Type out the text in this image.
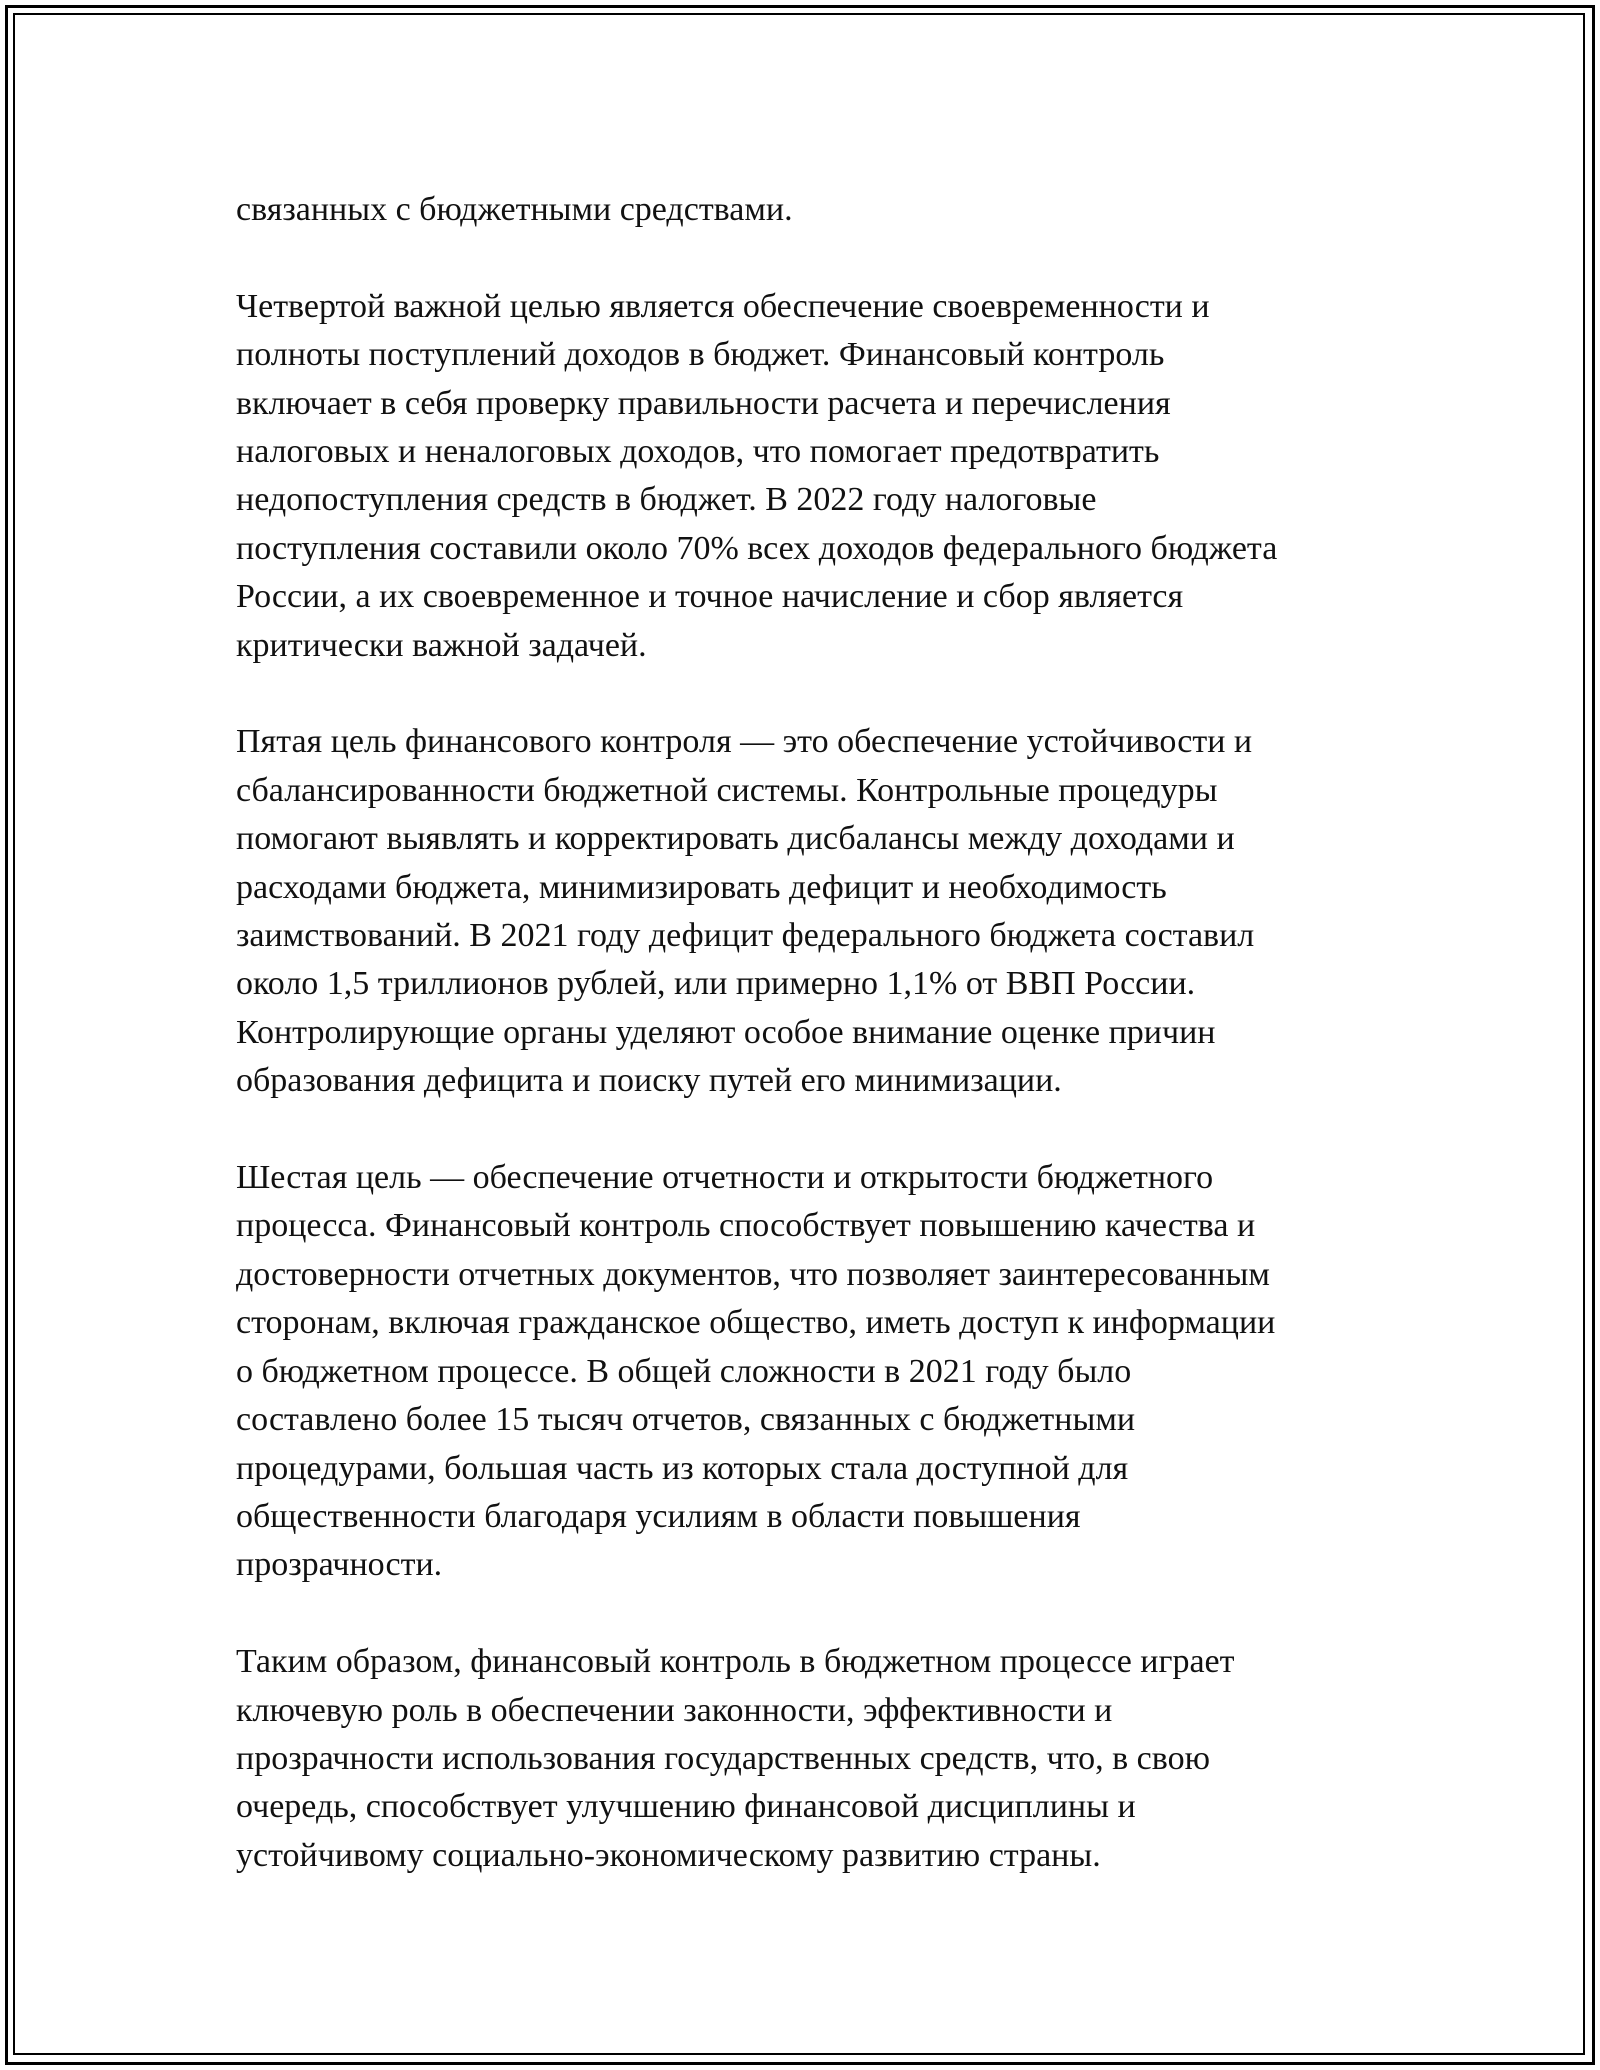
связанных с бюджетными средствами.

Четвертой важной целью является обеспечение своевременности и
полноты поступлений доходов в бюджет. Финансовый контроль
включает в себя проверку правильности расчета и перечисления
налоговых и неналоговых доходов, что помогает предотвратить
недопоступления средств в бюджет. В 2022 году налоговые
поступления составили около 70% всех доходов федерального бюджета
России, а их своевременное и точное начисление и сбор является
критически важной задачей.

Пятая цель финансового контроля — это обеспечение устойчивости и
сбалансированности бюджетной системы. Контрольные процедуры
помогают выявлять и корректировать дисбалансы между доходами и
расходами бюджета, минимизировать дефицит и необходимость
заимствований. В 2021 году дефицит федерального бюджета составил
около 1,5 триллионов рублей, или примерно 1,1% от ВВП России.
Контролирующие органы уделяют особое внимание оценке причин
образования дефицита и поиску путей его минимизации.

Шестая цель — обеспечение отчетности и открытости бюджетного
процесса. Финансовый контроль способствует повышению качества и
достоверности отчетных документов, что позволяет заинтересованным
сторонам, включая гражданское общество, иметь доступ к информации
о бюджетном процессе. В общей сложности в 2021 году было
составлено более 15 тысяч отчетов, связанных с бюджетными
процедурами, большая часть из которых стала доступной для
общественности благодаря усилиям в области повышения
прозрачности.

Таким образом, финансовый контроль в бюджетном процессе играет
ключевую роль в обеспечении законности, эффективности и
прозрачности использования государственных средств, что, в свою
очередь, способствует улучшению финансовой дисциплины и
устойчивому социально-экономическому развитию страны.
